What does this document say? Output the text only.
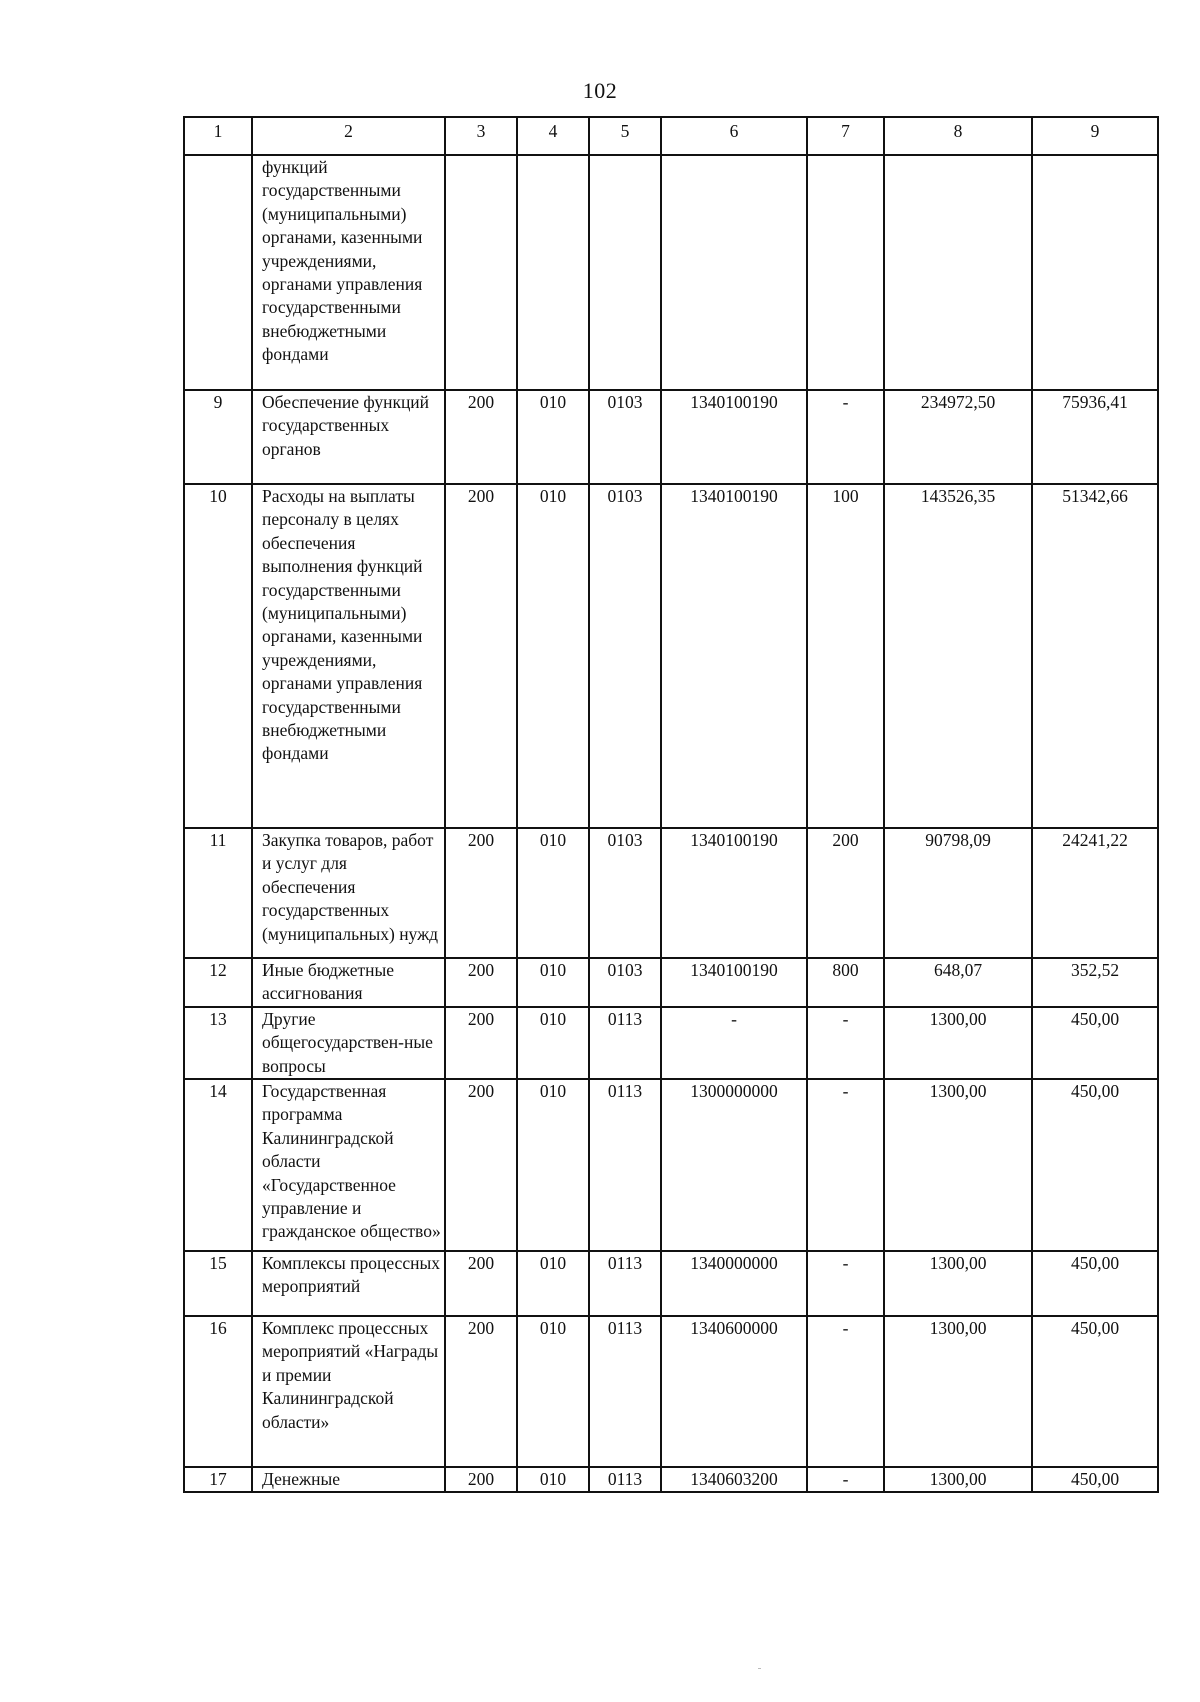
102
1	2	3	4	5	6	7	8	9
	функций государственными (муниципальными) органами, казенными учреждениями, органами управления государственными внебюджетными фондами							
9	Обеспечение функций государственных органов	200	010	0103	1340100190	-	234972,50	75936,41
10	Расходы на выплаты персоналу в целях обеспечения выполнения функций государственными (муниципальными) органами, казенными учреждениями, органами управления государственными внебюджетными фондами	200	010	0103	1340100190	100	143526,35	51342,66
11	Закупка товаров, работ и услуг для обеспечения государственных (муниципальных) нужд	200	010	0103	1340100190	200	90798,09	24241,22
12	Иные бюджетные ассигнования	200	010	0103	1340100190	800	648,07	352,52
13	Другие общегосударствен-ные вопросы	200	010	0113	-	-	1300,00	450,00
14	Государственная программа Калининградской области «Государственное управление и гражданское общество»	200	010	0113	1300000000	-	1300,00	450,00
15	Комплексы процессных мероприятий	200	010	0113	1340000000	-	1300,00	450,00
16	Комплекс процессных мероприятий «Награды и премии Калининградской области»	200	010	0113	1340600000	-	1300,00	450,00
17	Денежные	200	010	0113	1340603200	-	1300,00	450,00
